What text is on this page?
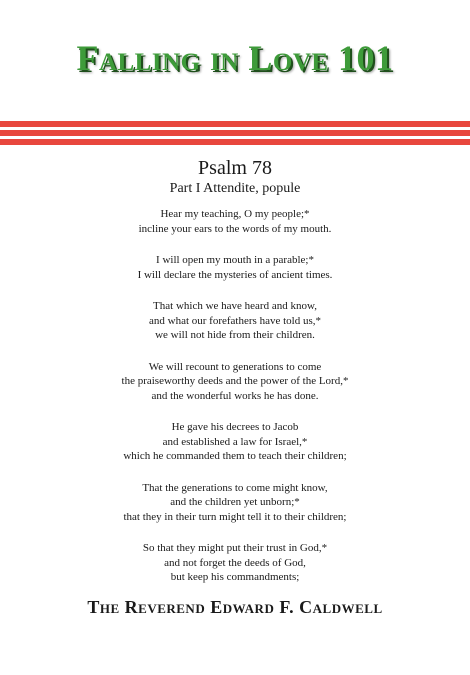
Falling in Love 101
Psalm 78
Part I Attendite, popule
Hear my teaching, O my people;*
incline your ears to the words of my mouth.
I will open my mouth in a parable;*
I will declare the mysteries of ancient times.
That which we have heard and know,
and what our forefathers have told us,*
we will not hide from their children.
We will recount to generations to come
the praiseworthy deeds and the power of the Lord,*
and the wonderful works he has done.
He gave his decrees to Jacob
and established a law for Israel,*
which he commanded them to teach their children;
That the generations to come might know,
and the children yet unborn;*
that they in their turn might tell it to their children;
So that they might put their trust in God,*
and not forget the deeds of God,
but keep his commandments;
The Reverend Edward F. Caldwell
